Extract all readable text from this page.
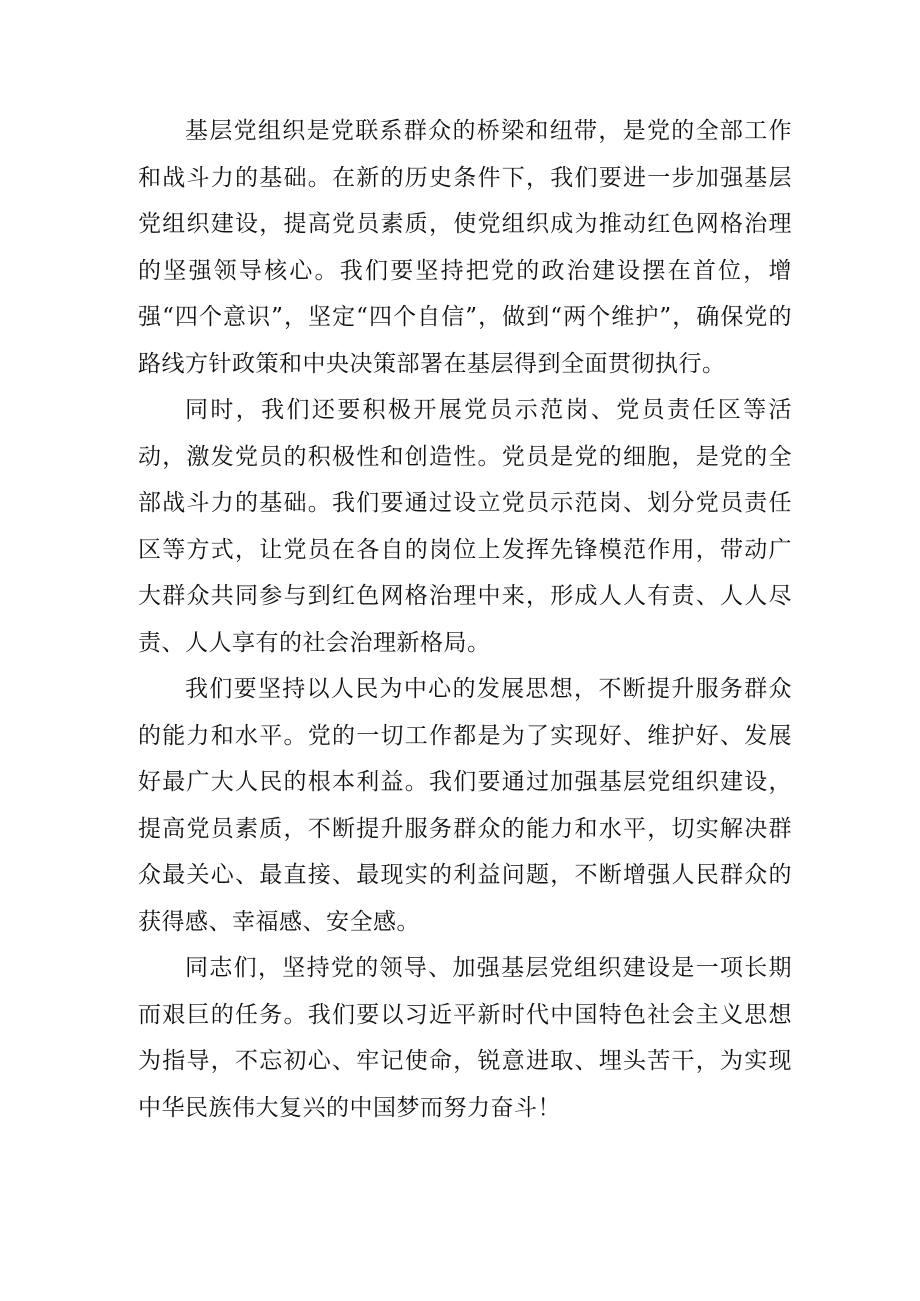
基层党组织是党联系群众的桥梁和纽带，是党的全部工作和战斗力的基础。在新的历史条件下，我们要进一步加强基层党组织建设，提高党员素质，使党组织成为推动红色网格治理的坚强领导核心。我们要坚持把党的政治建设摆在首位，增强“四个意识”，坚定“四个自信”，做到“两个维护”，确保党的路线方针政策和中央决策部署在基层得到全面贯彻执行。

同时，我们还要积极开展党员示范岗、党员责任区等活动，激发党员的积极性和创造性。党员是党的细胞，是党的全部战斗力的基础。我们要通过设立党员示范岗、划分党员责任区等方式，让党员在各自的岗位上发挥先锋模范作用，带动广大群众共同参与到红色网格治理中来，形成人人有责、人人尽责、人人享有的社会治理新格局。

我们要坚持以人民为中心的发展思想，不断提升服务群众的能力和水平。党的一切工作都是为了实现好、维护好、发展好最广大人民的根本利益。我们要通过加强基层党组织建设，提高党员素质，不断提升服务群众的能力和水平，切实解决群众最关心、最直接、最现实的利益问题，不断增强人民群众的获得感、幸福感、安全感。

同志们，坚持党的领导、加强基层党组织建设是一项长期而艰巨的任务。我们要以习近平新时代中国特色社会主义思想为指导，不忘初心、牢记使命，锐意进取、埋头苦干，为实现中华民族伟大复兴的中国梦而努力奋斗！
